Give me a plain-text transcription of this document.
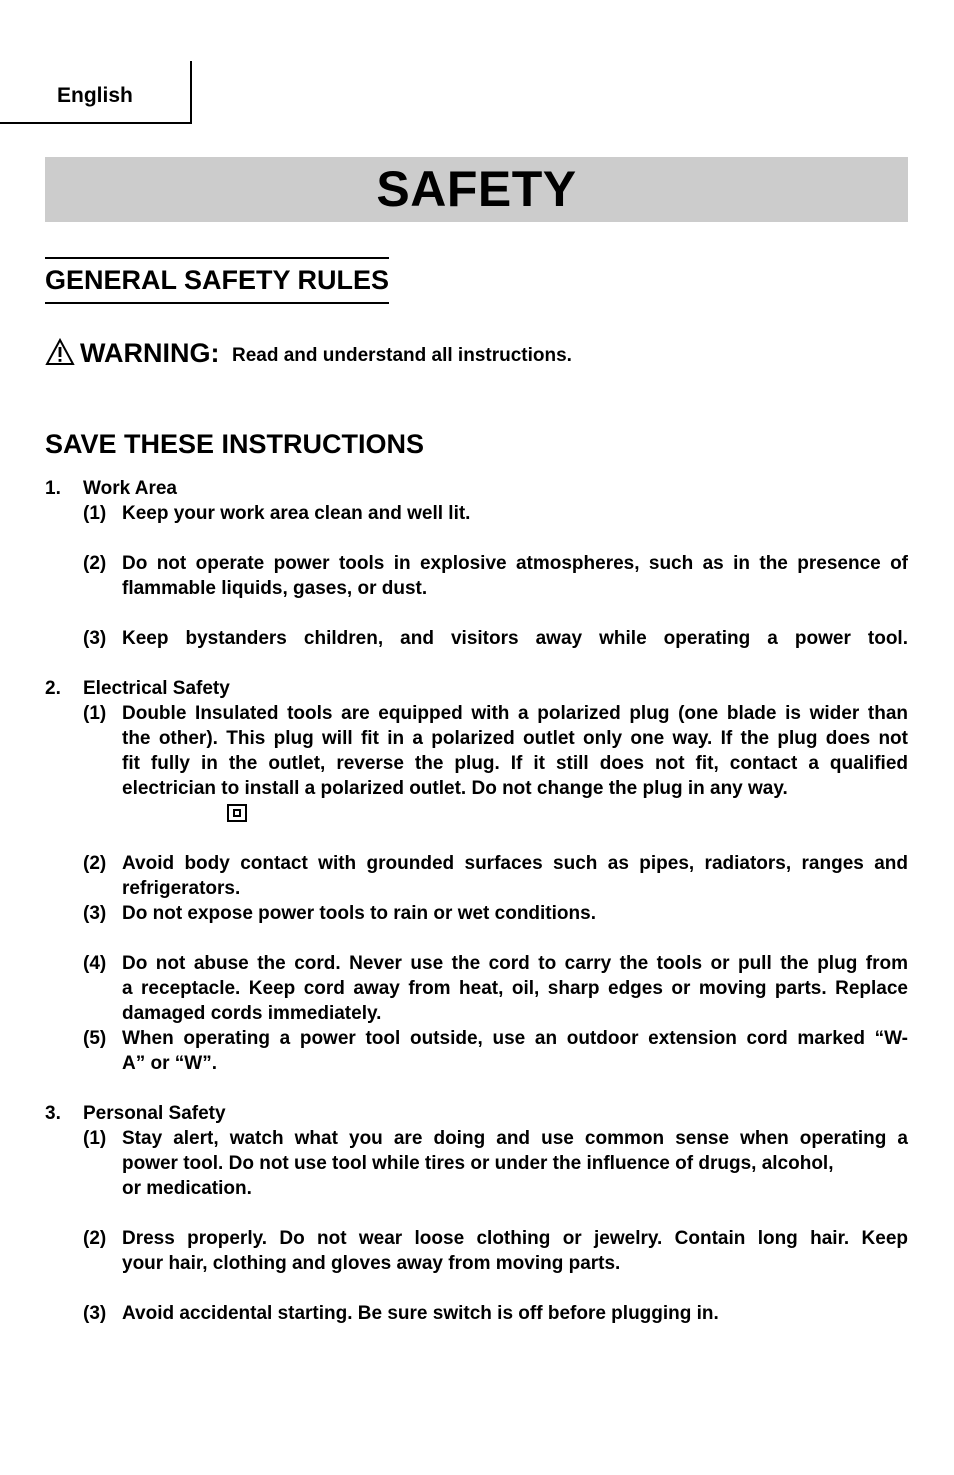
English
SAFETY
GENERAL SAFETY RULES
WARNING: Read and understand all instructions.
SAVE THESE INSTRUCTIONS
1. Work Area
(1) Keep your work area clean and well lit.
(2) Do not operate power tools in explosive atmospheres, such as in the presence of
flammable liquids, gases, or dust.
(3) Keep bystanders children, and visitors away while operating a power tool.
2. Electrical Safety
(1) Double Insulated tools are equipped with a polarized plug (one blade is wider than
the other). This plug will fit in a polarized outlet only one way. If the plug does not
fit fully in the outlet, reverse the plug. If it still does not fit, contact a qualified
electrician to install a polarized outlet. Do not change the plug in any way.
(2) Avoid body contact with grounded surfaces such as pipes, radiators, ranges and
refrigerators.
(3) Do not expose power tools to rain or wet conditions.
(4) Do not abuse the cord. Never use the cord to carry the tools or pull the plug from
a receptacle. Keep cord away from heat, oil, sharp edges or moving parts. Replace
damaged cords immediately.
(5) When operating a power tool outside, use an outdoor extension cord marked “W-
A” or “W”.
3. Personal Safety
(1) Stay alert, watch what you are doing and use common sense when operating a
power tool. Do not use tool while tires or under the influence of drugs, alcohol,
or medication.
(2) Dress properly. Do not wear loose clothing or jewelry. Contain long hair. Keep
your hair, clothing and gloves away from moving parts.
(3) Avoid accidental starting. Be sure switch is off before plugging in.
